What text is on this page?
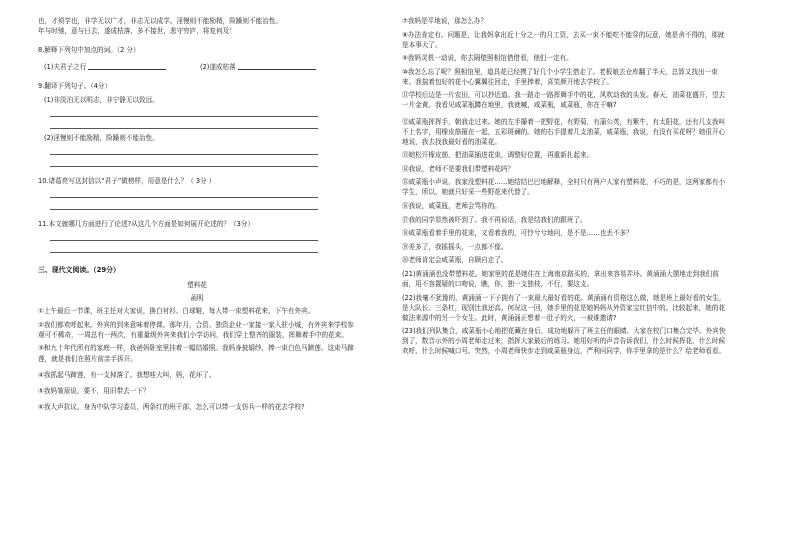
也，才须学也，非学无以广才，非志无以成学。淫慢则不能励精，险躁则不能冶性。

年与时驰，意与日去，遂成枯落，多不接世，悲守穷庐，将复何及！

8.解释下列句中加点的词。（2 分）

(1)夫君子之行	(2)遂成枯落

9.翻译下列句子。（4分）

(1)非淡泊无以明志，非宁静无以致远。

(2)淫慢则不能励精，险躁则不能冶性。

10.诸葛亮写这封信以“君子”做榜样，用意是什么？（ 3分 ）

11.本文就哪几方面进行了论述?从这几个方面是如何展开论述的？（3分）

三、现代文阅读。（29分）

塑料花

菡明

①上午最后一节课，班主任对大家说，换白衬衫、白球鞋，每人带一束塑料花来，下午有外宾。

②我们都欢呼起来。外宾的到来意味着停课。那年月，合资、独资企业一家接一家入驻小城，有外宾来学校参观可不稀奇，一周总有一两次，有重量级外宾来我们小学访问，我们穿上整齐的服装，挥舞着手中的花束。

③和九十年代所有的家庭一样，我爸妈卧室里挂着一幅结婚照。我妈身披婚纱，捧一束白色马蹄莲。这束马蹄莲，就是我们在照片前亲手拆开。

④我抓起马蹄莲，有一支掉落了。我想哇大叫，妈，花坏了。

⑤我妈皱眉说，要不，用旧带去一下？

⑥我大声抗议。身为中队学习委员，两条红的班干部，怎么可以带一支仿兵一样的花去学校?

⑦我妈是平地说，那怎么办？

⑧办法肯定有。问题是，让我妈拿出近十分之一的月工资，去买一束不能吃不能穿的玩意，她是舍不得的，那就是本事大了。

⑨我妈灵机一动说，你去隔壁照相馆借借看，他们一定有。

⑩我怎么忘了呢？照相馆里，道具花已经摸了好几个小学生借走了。老板娘去仓库翻了半天，总算又找出一束来。我揣着包好的花小心翼翼往回走，手里捧着，喜笑颜开地去学校了。

⑪学校后边是一片农田，可以抄近道。我一路走一路挥舞手中的花，风吹动我的头发。春天，油菜花盛开，望去一片金黄。我看见咸菜瓶蹲在地里，我就喊，咸菜瓶，咸菜瓶，你在干嘛?

⑫咸菜瓶挥挥手，朝我走过来。她的左手攥着一把野花，有野菊，有蒲公英，有紫牛，有太阳花，还有几支我叫不上名字，用橡皮筋箍在一起，五彩斑斓的。她的右手提着几支油菜，咸菜瓶，我说，有没有买花呀？她很开心地说，我去找我最好看的油菜花。

⑬她松开橡皮筋，把油菜插进花束，调整好位置，再重新扎起来。

⑭我说，老师不是要我们带塑料花吗？

⑮咸菜瓶小声说，我家没塑料花……她结结巴巴地解释，全村只有两户人家有塑料花，不巧的是，这两家都有小学生，所以，她就只好采一些野花来代替了。

⑯我说，咸菜瓶，老师会骂你的。

⑰我的同学显然被吓到了。我不再说话，我是结我们的跟班了。

⑱咸菜瓶看着手里的花束，又看着我的，可怜兮兮地问，是不是……也丢不多？

⑲差多了，我摇摇头，一点都不像。

⑳老师肯定会咸菜瓶，自顾自走了。

(21)黄涌涌也没带塑料花。她家里的花是她住在上海南京路买的，拿出来容易弄坏。黄涌涌大摆地走到我们前面，用不容置疑的口吻说，瞧，你，独一支独枝，不行，要这支。

(22)我毫不犹豫的，黄涌涌一下子拥有了一束最大最好看的花。黄涌涌有资格这么做，她是班上最好看的女生，是大队长、三条杠，现别比我还高。何况这一回，她手里的花是她妈妈从外资家宝红信中的。比较起来，她的花做法来源中的另一个女生。此时，黄涌涌正想着一肚子的火，一被谁邀请?

(23)我们列队集合，咸菜瓶小心地把花藏在身后，成功地躲开了班主任的眼睛。大家在校门口集合完毕。外宾快到了，数音示外的小周老师走过来，指挥大家最后的练习。她用好听的声音告诉我们，什么时候挥花，什么时候欢呼，什么时候喊口号。突然，小周老师快步走到咸菜瓶身边，严利问同学，你手里拿的是什么？给老师看看。
